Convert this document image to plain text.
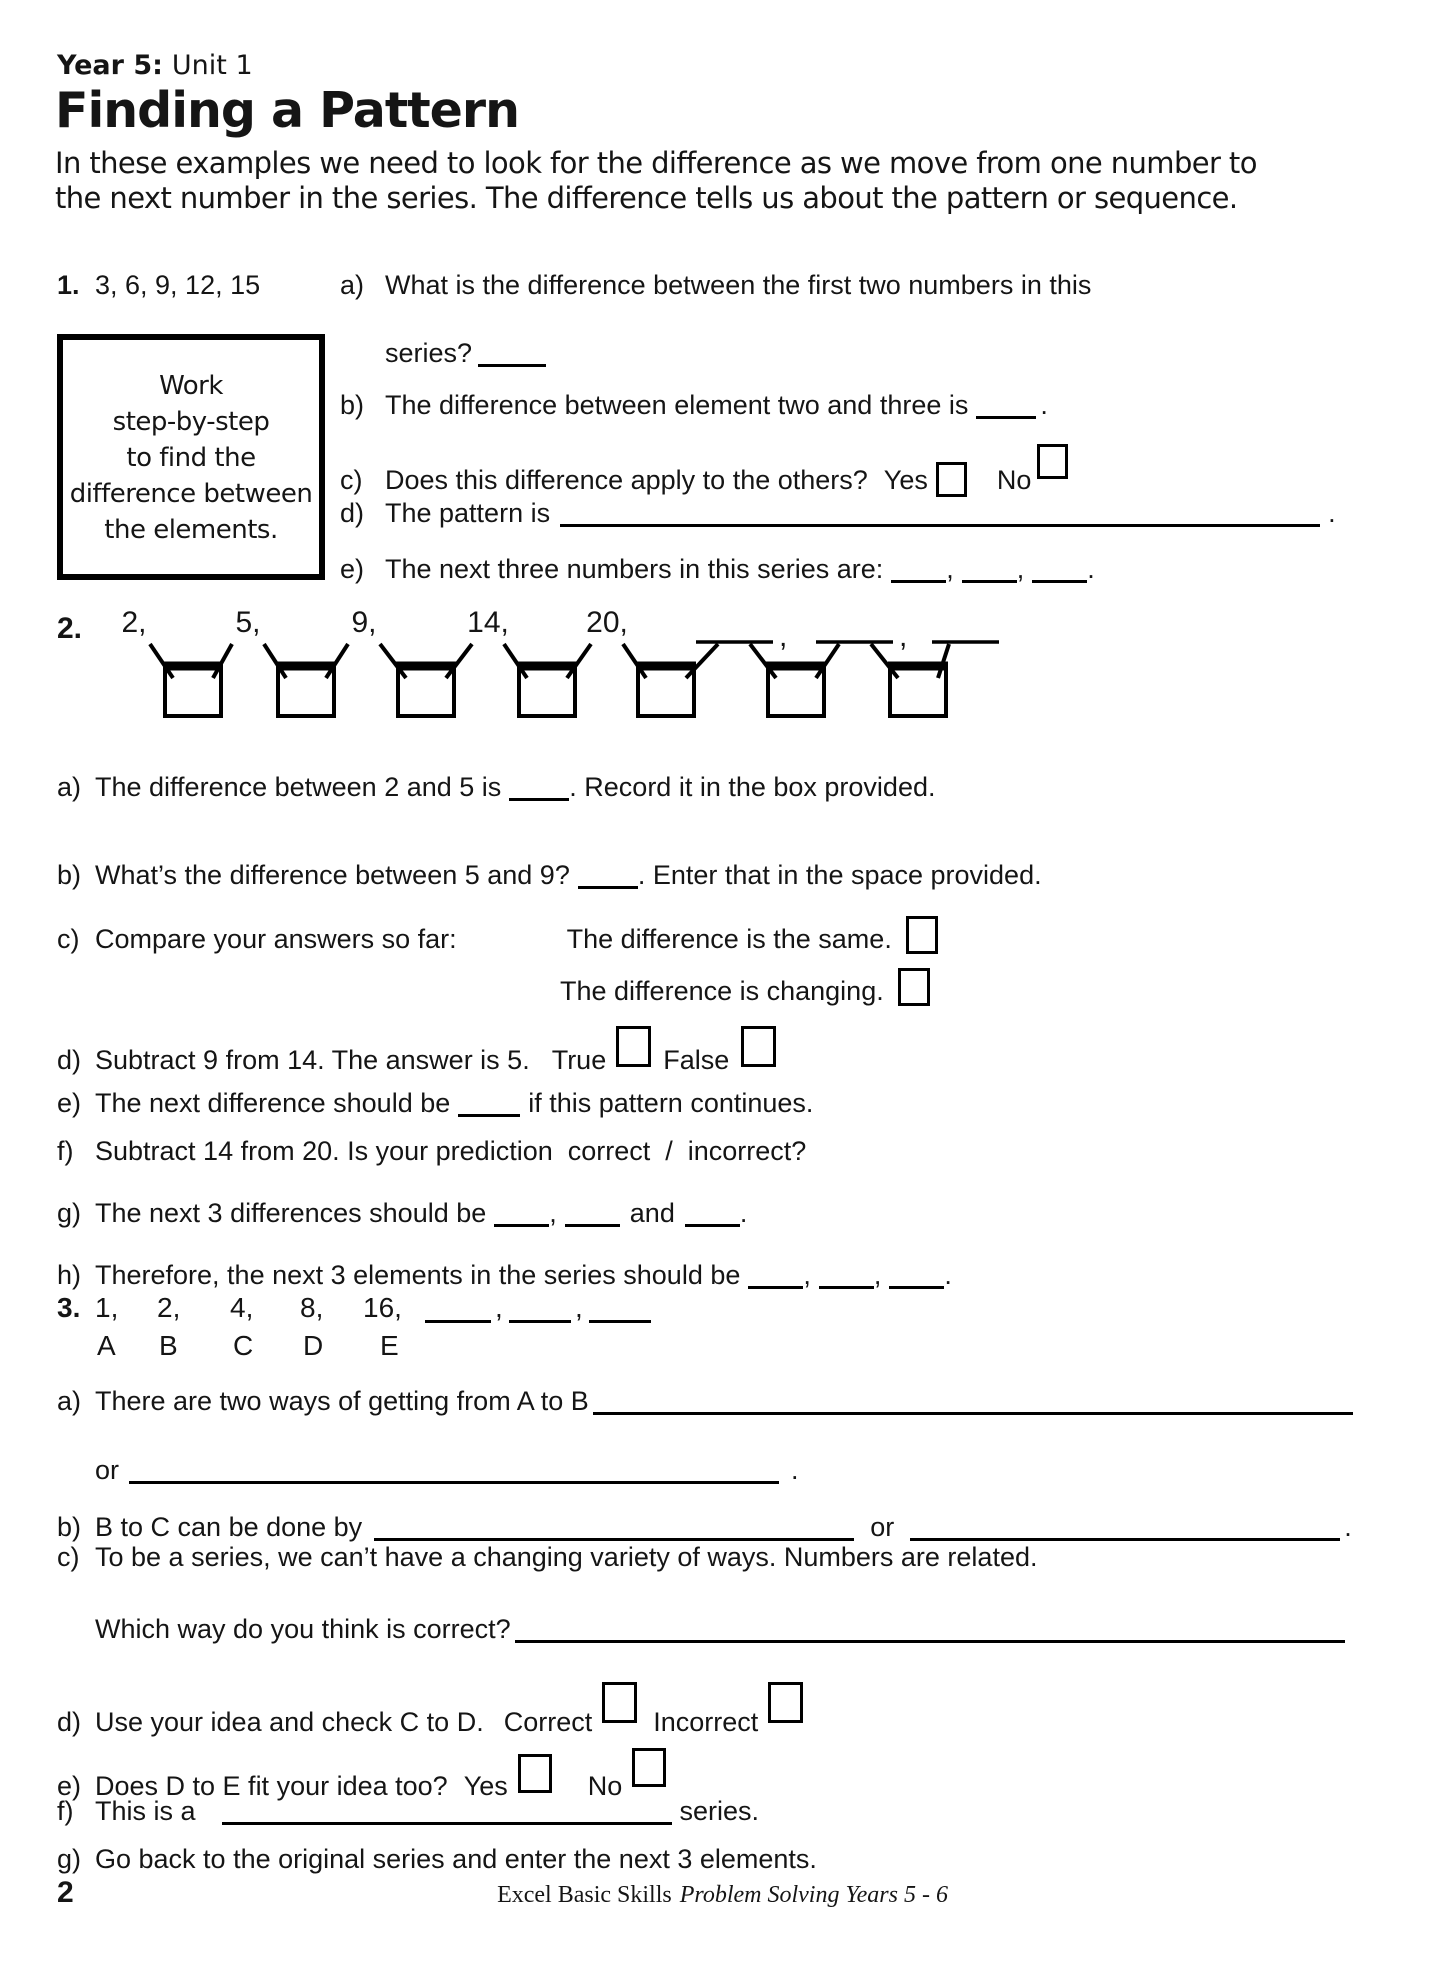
Year 5: Unit 1
Finding a Pattern
In these examples we need to look for the difference as we move from one number to
the next number in the series. The difference tells us about the pattern or sequence.
1. 3, 6, 9, 12, 15	a) What is the difference between the first two numbers in this
series?
Work
step-by-step
to find the
difference between
the elements.
b) The difference between element two and three is	.
c) Does this difference apply to the others? Yes	No
d) The pattern is	.
e) The next three numbers in this series are: , , .
2. 2,	5,	9,	14,	20,	,	,
a) The difference between 2 and 5 is	. Record it in the box provided.
b) What’s the difference between 5 and 9?	. Enter that in the space provided.
c) Compare your answers so far:	The difference is the same.
The difference is changing.
d) Subtract 9 from 14. The answer is 5. True False
e) The next difference should be	if this pattern continues.
f) Subtract 14 from 20. Is your prediction  correct  /  incorrect?
g) The next 3 differences should be ,	and .
h) Therefore, the next 3 elements in the series should be , , .
3. 1, 2, 4, 8, 16,	,	,
A B C D E
a) There are two ways of getting from A to B
or	.
b) B to C can be done by	or	.
c) To be a series, we can’t have a changing variety of ways. Numbers are related.
Which way do you think is correct?
d) Use your idea and check C to D. Correct Incorrect
e) Does D to E fit your idea too? Yes	No
f) This is a	series.
g) Go back to the original series and enter the next 3 elements.
2	Excel Basic Skills Problem Solving Years 5 - 6
